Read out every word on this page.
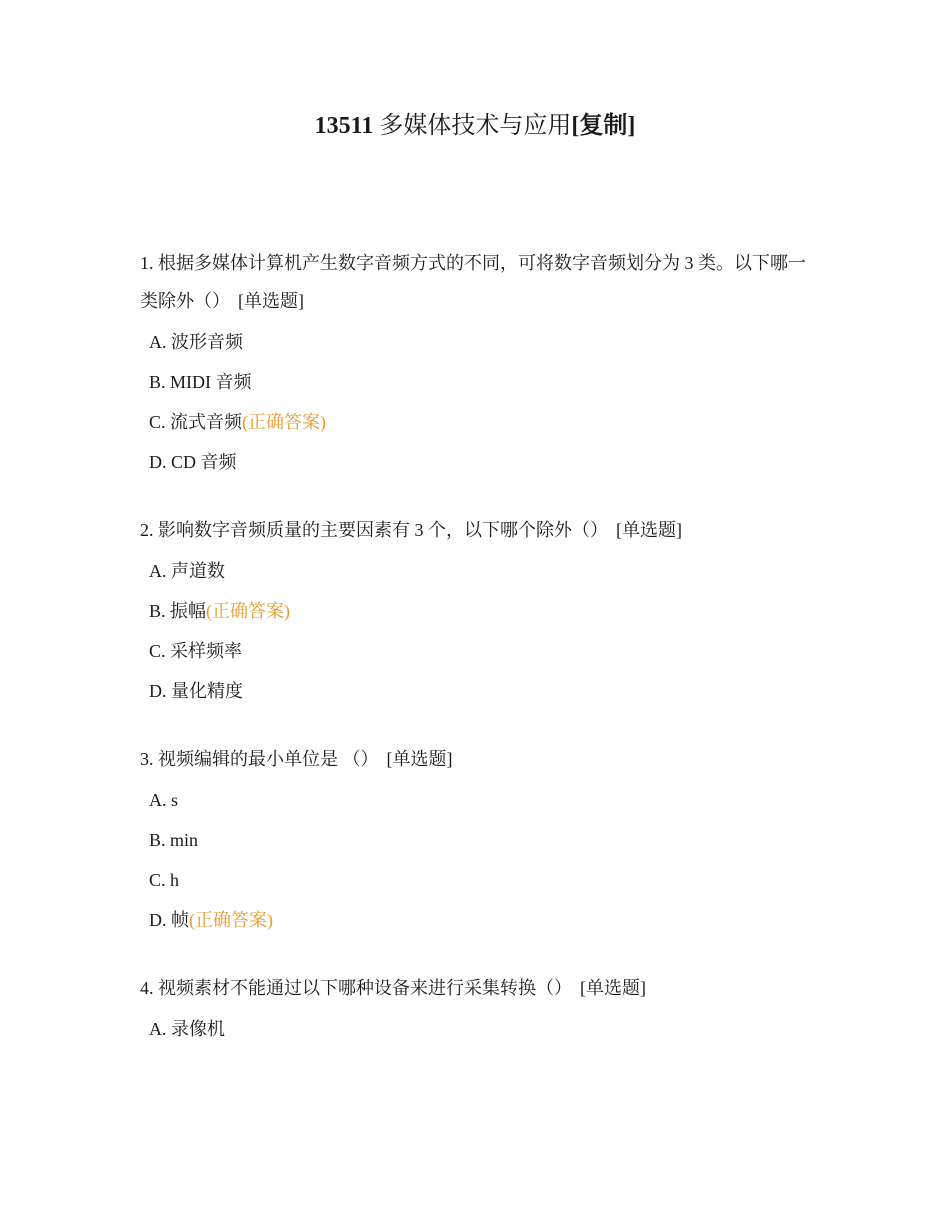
13511 多媒体技术与应用[复制]
1. 根据多媒体计算机产生数字音频方式的不同，可将数字音频划分为 3 类。以下哪一类除外（） [单选题]
A. 波形音频
B. MIDI 音频
C. 流式音频(正确答案)
D. CD 音频
2. 影响数字音频质量的主要因素有 3 个，以下哪个除外（） [单选题]
A. 声道数
B. 振幅(正确答案)
C. 采样频率
D. 量化精度
3. 视频编辑的最小单位是 （） [单选题]
A. s
B. min
C. h
D. 帧(正确答案)
4. 视频素材不能通过以下哪种设备来进行采集转换（） [单选题]
A. 录像机
